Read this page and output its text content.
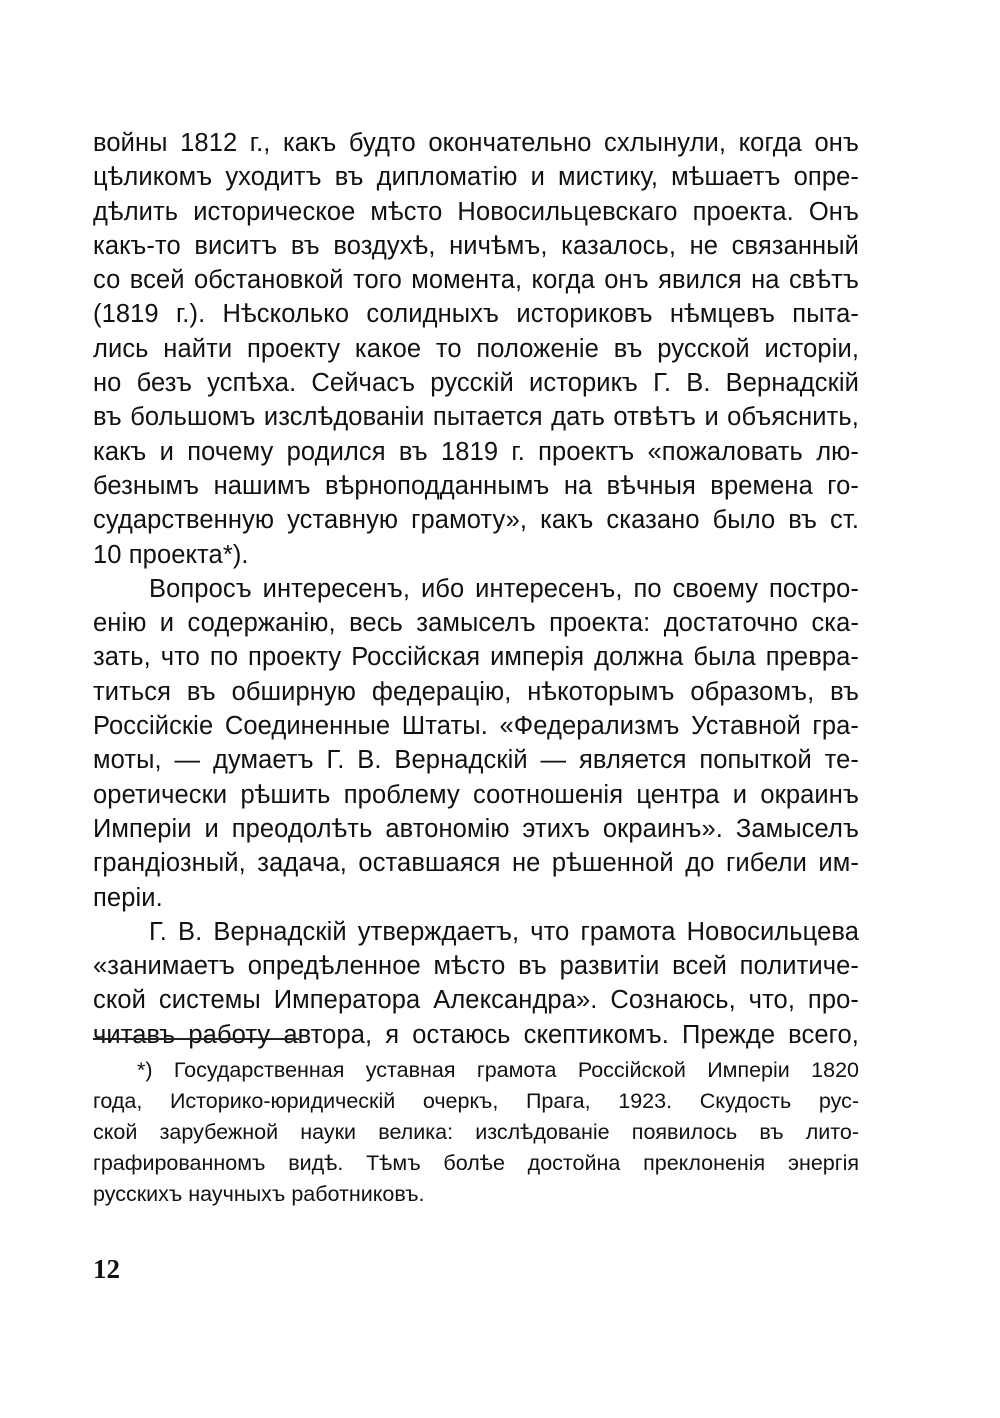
войны 1812 г., какъ будто окончательно схлынули, когда онъ
цѣликомъ уходитъ въ дипломатію и мистику, мѣшаетъ опре-
дѣлить историческое мѣсто Новосильцевскаго проекта. Онъ
какъ-то виситъ въ воздухѣ, ничѣмъ, казалось, не связанный
со всей обстановкой того момента, когда онъ явился на свѣтъ
(1819 г.). Нѣсколько солидныхъ историковъ нѣмцевъ пыта-
лись найти проекту какое то положеніе въ русской исторіи,
но безъ успѣха. Сейчасъ русскій историкъ Г. В. Вернадскій
въ большомъ изслѣдованіи пытается дать отвѣтъ и объяснить,
какъ и почему родился въ 1819 г. проектъ «пожаловать лю-
безнымъ нашимъ вѣрноподданнымъ на вѣчныя времена го-
сударственную уставную грамоту», какъ сказано было въ ст.
10 проекта*).
Вопросъ интересенъ, ибо интересенъ, по своему постро-
енію и содержанію, весь замыселъ проекта: достаточно ска-
зать, что по проекту Россійская имперія должна была превра-
титься въ обширную федерацію, нѣкоторымъ образомъ, въ
Россійскіе Соединенные Штаты. «Федерализмъ Уставной гра-
моты, — думаетъ Г. В. Вернадскій — является попыткой те-
оретически рѣшить проблему соотношенія центра и окраинъ
Имперіи и преодолѣть автономію этихъ окраинъ». Замыселъ
грандіозный, задача, оставшаяся не рѣшенной до гибели им-
періи.
Г. В. Вернадскій утверждаетъ, что грамота Новосильцева
«занимаетъ опредѣленное мѣсто въ развитіи всей политиче-
ской системы Императора Александра». Сознаюсь, что, про-
читавъ работу автора, я остаюсь скептикомъ. Прежде всего,
*) Государственная уставная грамота Россійской Имперіи 1820
года, Историко-юридическій очеркъ, Прага, 1923. Скудость рус-
ской зарубежной науки велика: изслѣдованіе появилось въ лито-
графированномъ видѣ. Тѣмъ болѣе достойна преклоненія энергія
русскихъ научныхъ работниковъ.
12
